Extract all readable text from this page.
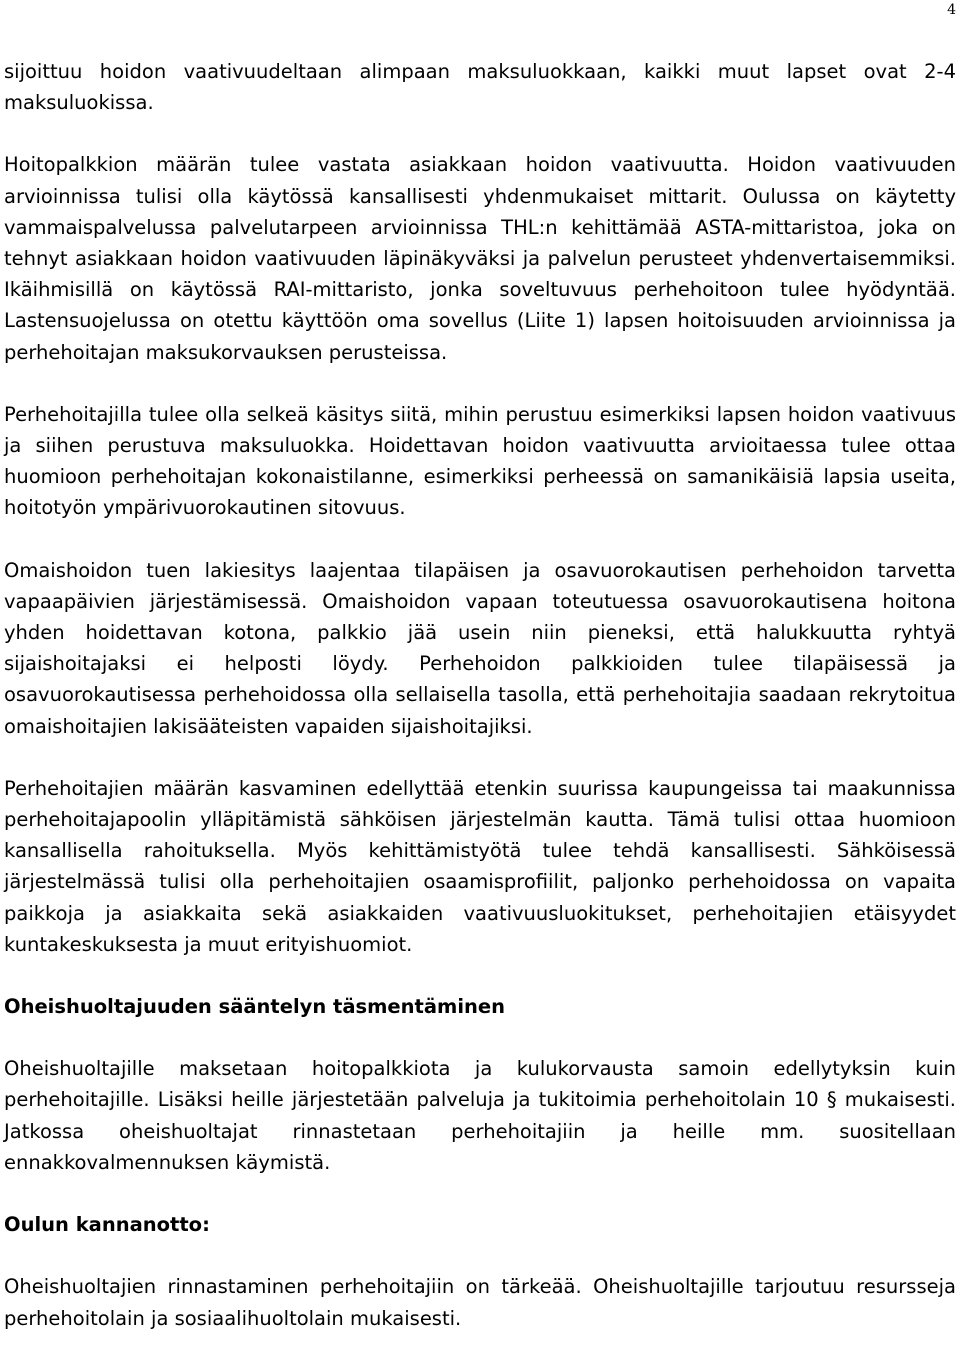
4

sijoittuu hoidon vaativuudeltaan alimpaan maksuluokkaan, kaikki muut lapset ovat 2-4 maksuluokissa.

Hoitopalkkion määrän tulee vastata asiakkaan hoidon vaativuutta. Hoidon vaativuuden arvioinnissa tulisi olla käytössä kansallisesti yhdenmukaiset mittarit. Oulussa on käytetty vammaispalvelussa palvelutarpeen arvioinnissa THL:n kehittämää ASTA-mittaristoa, joka on tehnyt asiakkaan hoidon vaativuuden läpinäkyväksi ja palvelun perusteet yhdenvertaisemmiksi. Ikäihmisillä on käytössä RAI-mittaristo, jonka soveltuvuus perhehoitoon tulee hyödyntää. Lastensuojelussa on otettu käyttöön oma sovellus (Liite 1) lapsen hoitoisuuden arvioinnissa ja perhehoitajan maksukorvauksen perusteissa.

Perhehoitajilla tulee olla selkeä käsitys siitä, mihin perustuu esimerkiksi lapsen hoidon vaativuus ja siihen perustuva maksuluokka. Hoidettavan hoidon vaativuutta arvioitaessa tulee ottaa huomioon perhehoitajan kokonaistilanne, esimerkiksi perheessä on samanikäisiä lapsia useita, hoitotyön ympärivuorokautinen sitovuus.

Omaishoidon tuen lakiesitys laajentaa tilapäisen ja osavuorokautisen perhehoidon tarvetta vapaapäivien järjestämisessä. Omaishoidon vapaan toteutuessa osavuorokautisena hoitona yhden hoidettavan kotona, palkkio jää usein niin pieneksi, että halukkuutta ryhtyä sijaishoitajaksi ei helposti löydy. Perhehoidon palkkioiden tulee tilapäisessä ja osavuorokautisessa perhehoidossa olla sellaisella tasolla, että perhehoitajia saadaan rekrytoitua omaishoitajien lakisääteisten vapaiden sijaishoitajiksi.

Perhehoitajien määrän kasvaminen edellyttää etenkin suurissa kaupungeissa tai maakunnissa perhehoitajapoolin ylläpitämistä sähköisen järjestelmän kautta. Tämä tulisi ottaa huomioon kansallisella rahoituksella. Myös kehittämistyötä tulee tehdä kansallisesti. Sähköisessä järjestelmässä tulisi olla perhehoitajien osaamisprofiilit, paljonko perhehoidossa on vapaita paikkoja ja asiakkaita sekä asiakkaiden vaativuusluokitukset, perhehoitajien etäisyydet kuntakeskuksesta ja muut erityishuomiot.

Oheishuoltajuuden sääntelyn täsmentäminen

Oheishuoltajille maksetaan hoitopalkkiota ja kulukorvausta samoin edellytyksin kuin perhehoitajille. Lisäksi heille järjestetään palveluja ja tukitoimia perhehoitolain 10 § mukaisesti. Jatkossa oheishuoltajat rinnastetaan perhehoitajiin ja heille mm. suositellaan ennakkovalmennuksen käymistä.

Oulun kannanotto:

Oheishuoltajien rinnastaminen perhehoitajiin on tärkeää. Oheishuoltajille tarjoutuu resursseja perhehoitolain ja sosiaalihuoltolain mukaisesti.
